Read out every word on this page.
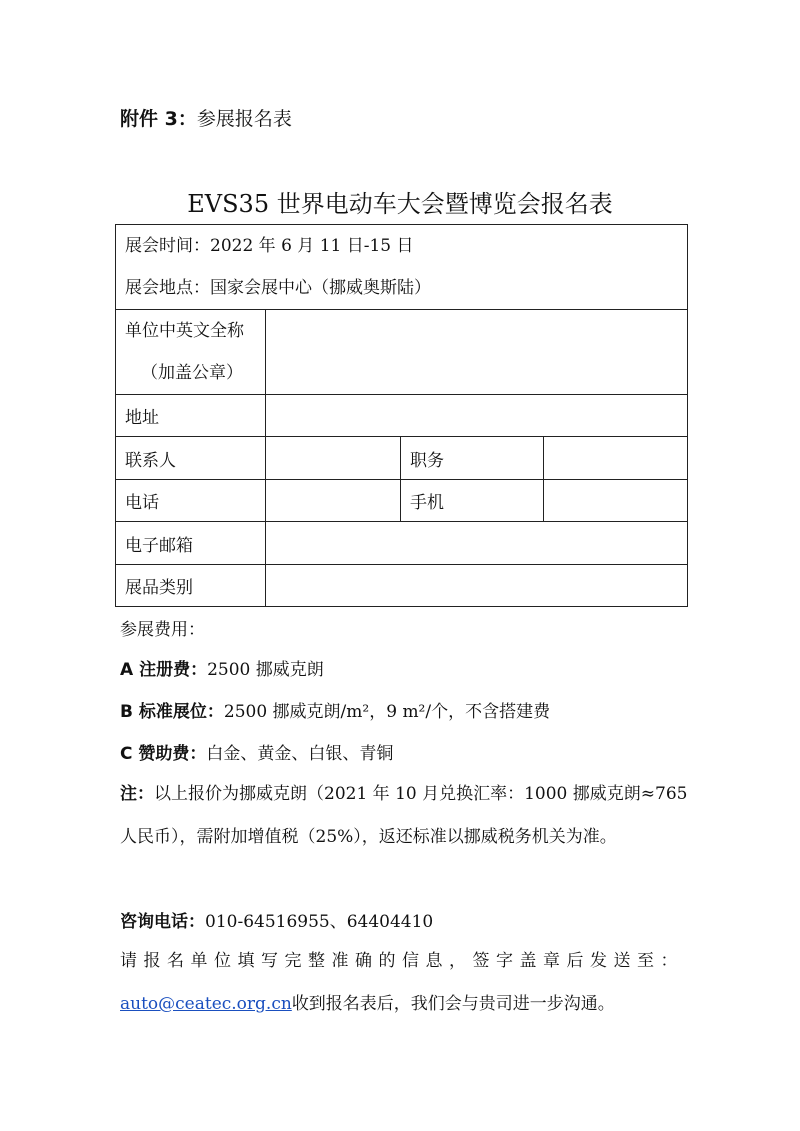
附件 3：参展报名表
EVS35 世界电动车大会暨博览会报名表
展会时间：2022 年 6 月 11 日-15 日
展会地点：国家会展中心（挪威奥斯陆）			

单位中英文全称
（加盖公章）			

地址			
联系人		职务	
电话		手机	
电子邮箱			
展品类别			
参展费用：
A 注册费：2500 挪威克朗
B 标准展位：2500 挪威克朗/m²，9 m²/个，不含搭建费
C 赞助费：白金、黄金、白银、青铜
注：以上报价为挪威克朗（2021 年 10 月兑换汇率：1000 挪威克朗≈765 人民币），需附加增值税（25%），返还标准以挪威税务机关为准。
咨询电话：010-64516955、64404410
请报名单位填写完整准确的信息，签字盖章后发送至：
auto@ceatec.org.cn收到报名表后，我们会与贵司进一步沟通。
